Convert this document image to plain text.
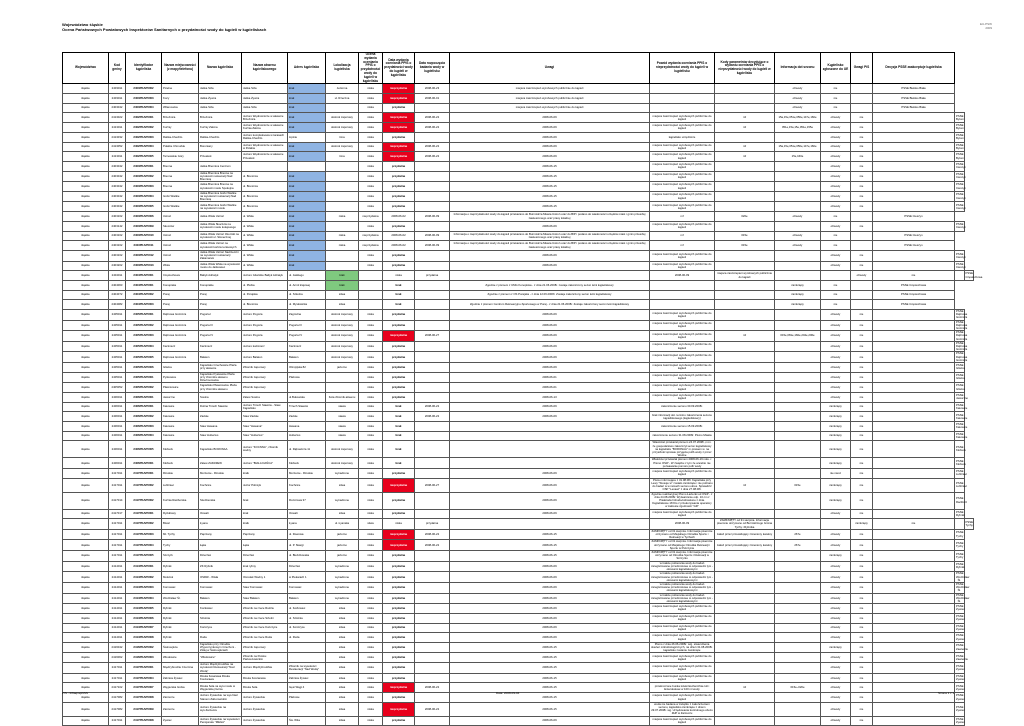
Województwo śląskie
Ocena Państwowych Powiatowych Inspektorów Sanitarnych o przydatności wody do kąpieli w kąpieliskach
EU-PSW
2009
Województwo	Kod gminy	Identyfikator kąpieliska	Nazwa miejscowości (z mapy/telefonu)	Nazwa kąpieliska	Nazwa akwenu kąpieliskowego	Adres kąpieliska	Lokalizacja kąpieliska	Ocena wydania oceniania PPIS o przydatności wody do kąpieli w kąpielisku	Data wydania oceniania PPIS o przydatności wody do kąpieli w kąpielisku	Data rozpoczęcia badania wody w kąpielisku	Uwagi	Powód wydania oceniania PPIS o nieprzydatności wody do kąpieli w kąpielisku	Kody parametrów decydujące o wydaniu oceniania PPIS o nieprzydatności wody do kąpieli w kąpielisku	Informacja dot sezonu	Kąpielisko zgłoszone do UE	Gwagi PiS	Decyzja PSSE zaakceptuje kąpieliska		
śląskie	2403011	2403PKAP0002	Pcielne	Jaśka Szła	Jaśka Szła	krak	Jeziorna	niska	nieprzydatna	2008-06-23	miejsca zaszczepień wyrobowych publicznie do kąpieli			obwody	nie		PSSE Bielsko Biała		
śląskie	2403011	2403PKAP0003	Kozy	Jaśka Żywca	Jaśka Żywca	krak	ul. Rzeczna	niska	nieprzydatna	2008-06-01	miejsca zaszczepień wyrobowych publicznie do kąpieli			obwody	nie		PSSE Bielsko Biała		
śląskie	2403042	2403PKAP0004	Wilamowice	Jaśka Szła	Jaśka Szła	krak		niska	przydatna		miejsca zaszczepień wyrobowych publicznie do kąpieli			obwody	nie		PSSE Bielsko Biała		
śląskie	2413022	2402PKAP0001	Brzeźnica	Brzeźnica	Jezioro Wędrownicze w akwenie Brzeźnica	krak	dostrok zaporowy	niska	nieprzydatna	2008-06-22	2008-06-09	miejsca zaszczepień wyrobowych publicznie do kąpieli	mf	15a,15e,051e,056e,147e,160e	obwody	nie		PSSE Bytom	
śląskie	2413011	2402PKAP0002	Kuźniy	Kuźniy Zalcna	Jezioro Wędrownicze w akwenie Kuźnia Zalcna	krak	dostrok zaporowy	niska	nieprzydatna	2008-06-22	2008-06-09	miejsca zaszczepień wyrobowych publicznie do kąpieli	mf	051e,15a,15e,051e,155e	obwody	nie		PSSE Bytom	
śląskie	2413032	2402PKAP0003	Rabka-Chechło	Rabka-Chechło	Jezioro kompleksowa w tarasach Rabka-Chechło	Lipinie	tima	niska	przydatna		2008-06-09	kąpielisko urzędnicze			obwody	nie		PSSE Bytom	
śląskie	2413052	2402PKAP0004	Połabie Chmurkle	Boroniany	Jezioro Wędrownicze w akwenie w Połabie	krak	dostrok zaporowy	niska	nieprzydatna	2008-06-22	2008-06-09	miejsca zaszczepień wyrobowych publicznie do kąpieli	mf	15a,15e,051e,056e,147e,160e	obwody	nie		PSSE Bytom	
śląskie	2413011	2402PKAP0005	Tarnowskie Góry	Przeskok	Jezioro Wędrownicze w akwenie Przeskok	krak	tima	niska	nieprzydatna	2008-06-22	2008-06-09	miejsca zaszczepień wyrobowych publicznie do kąpieli	mf	15e,160e	obwody	nie		PSSE Bytom	
śląskie	2403042	2403PKAP0001	Brenna	Jaśka Brennica Centrum				niska	przydatna		2008-06-15	miejsca zaszczepień wyrobowych publicznie do kąpieli			obwody	nie		PSSE Cieszyn	
śląskie	2403042	2403PKAP0002	Brenna	Jaśka Brennica Brenna na wysokości restauracji Nad Brennicą	ul. Brennica	krak		niska	przydatna		2008-06-15	miejsca zaszczepień wyrobowych publicznie do kąpieli			obwody	nie		PSSE Cieszyn	
śląskie	2403042	2403PKAP0003	Brenna	Jaśka Brennica Brenna na wysokości mostu Spokojna	ul. Brennica	krak		niska	przydatna		2008-06-15	miejsca zaszczepień wyrobowych publicznie do kąpieli			obwody	nie		PSSE Cieszyn	
śląskie	2403042	2403PKAP0004	Górki Wielkie	Jaśka Brennica Górki Wielkie na wysokości restauracji Nad Brennicą	ul. Brennica	krak		niska	przydatna		2008-06-15	miejsca zaszczepień wyrobowych publicznie do kąpieli			obwody	nie		PSSE Cieszyn	
śląskie	2403042	2403PKAP0005	Górki Wielkie	Jaśka Brennica Górki Wielkie na wysokości mostu	ul. Brennica	krak		niska	przydatna		2008-06-15	miejsca zaszczepień wyrobowych publicznie do kąpieli			obwody	nie		PSSE Cieszyn	
śląskie	2403162	2403PKAP0006	Ustroń	Jaśka Wisła Ustroń	ul. Wisła	krak	niska	nieprzydatna	2008-06-02	2008-06-09	Informacja o nieprzydatności wody do kąpieli przekazano do Burmistrza Miasta Ustroń oraz do BIP i podano do wiadomości urzędów miast i gmin przeszłej zawieszonego oraz prasy lokalnej	mf	020e	obwody	nie		PSSE Cieszyn		
śląskie	2403142	2403PKAP0009	Skoczów	Jaśka Wisła Skoczów na wysokości mostu kolejowego	ul. Wisła	krak		niska	przydatna		2008-06-09	miejsca zaszczepień wyrobowych publicznie do kąpieli			obwody	nie		PSSE Cieszyn	
śląskie	2403162	2403PKAP0010	Ustroń	Jaśka Wisła Ustroń zbiorniki na wysokości ul. Słonecznej	ul. Wisła	krak	niska	nieprzydatna	2008-06-02	2008-06-09	Informacja o nieprzydatności wody do kąpieli przekazano do Burmistrza Miasta Ustroń oraz do BIP i podano do wiadomości urzędów miast i gmin przeszłej zawieszonego oraz prasy lokalnej	mf	015e	obwody	nie		PSSE Cieszyn		
śląskie	2403162	2403PKAP0011	Ustroń	Jaśka Wisła Ustroń na wysokości kortów tenisowych	ul. Wisła	krak	niska	nieprzydatna	2008-06-02	2008-06-09	Informacja o nieprzydatności wody do kąpieli przekazano do Burmistrza Miasta Ustroń oraz do BIP i podano do wiadomości urzędów miast i gmin przeszłej zawieszonego oraz prasy lokalnej	mf	015e	obwody	nie		PSSE Cieszyn		
śląskie	2403162	2403PKAP0012	Ustroń	Jaśka Wisła Ustroń Nadrzeczni na wysokości restauracji Zakamarek	ul. Wisła	krak		niska	przydatna		2008-06-09	miejsca zaszczepień wyrobowych publicznie do kąpieli			obwody	nie		PSSE Cieszyn	
śląskie	2403202	2403PKAP0013	Wisła	Jaśka Wisła Wisła na wysokości mostu do Jaśkowiec	ul. Wisła	krak		niska	przydatna		2008-06-09	miejsca zaszczepień wyrobowych publicznie do kąpieli			obwody	nie		PSSE Cieszyn	
śląskie	2404011	2404PKAP0001	Częstochowa	Bałtyk Adriatyk	Jezioro Gliwickie Bałtyk Adriatyk	ul. Jaśkiego	krak		niska	przydatna		2008-06-09	miejsca zaszczepień wyrobowych publicznie do kąpieli			obwody	nie		PSSE Częstochowa
śląskie	2404063	2404PKAP0001	Konopiska	Konopiskie	ul. Plebia	ul. Armii krajowej	krak		brak		Zgodnie z pismem z UMG Konopiska - z dnia 21.06.2008r. zostaje zakończony sezon letni kąpieliskowy			zamknięty	nie		PSSE Częstochowa		
śląskie	2404072	2404PKAP0002	Poraj	Poraj	ul. Porajska	ul. Szkolna	sitwa		brak		Zgodnie z pismem z OS Porajska - z dnia 12.06.2008r. Zostaje zakończony sezon letni kąpieliskowy			zamknięty	nie		PSSE Częstochowa		
śląskie	2404082	2404PKAP0003	Poraj	Poraj	ul. Brennica	ul. Mysłowicka	sitwa		brak		Zgodnie z pismem Centrum Rekreacyjno-Sportowego w Poraj - z dnia 21.06.2008r. Zostaje zakończony sezon letni kąpieliskowy			zamknięty	nie		PSSE Częstochowa		
śląskie	2405011	2405PKAP0001	Dąbrowa Górnicza	Pogoria I	Jezioro Pogoria	Zagrodna	dostrok zaporowy	niska	przydatna		2008-06-09	miejsca zaszczepień wyrobowych publicznie do kąpieli			obwody	nie		PSSE Dąbrowa Górnicza	
śląskie	2405011	2405PKAP0002	Dąbrowa Górnicza	Pogoria III	Jezioro Pogoria	Pogoria III	dostrok zaporowy	niska	przydatna		2008-06-09	miejsca zaszczepień wyrobowych publicznie do kąpieli			obwody	nie		PSSE Dąbrowa Górnicza	
śląskie	2405011	2405PKAP0003	Dąbrowa Górnicza	Pogoria IV	Jezioro Pogoria	Pogoria IV	dostrok zaporowy	niska	nieprzydatna	2008-06-27	2008-06-09	miejsca zaszczepień wyrobowych publicznie do kąpieli	mf	015e,081e,182e,204e,206e	obwody	nie		PSSE Dąbrowa Górnicza	
śląskie	2405011	2405PKAP0004	Kazimierz	Kazimierz	Jezioro kazimierz	Kazimierz	dostrok zaporowy	niska	przydatna		2008-06-09	miejsca zaszczepień wyrobowych publicznie do kąpieli			obwody	nie		PSSE Dąbrowa Górnicza	
śląskie	2405011	2405PKAP0005	Dąbrowa Górnicza	Balaton	Jezioro Balaton	Balaton	dostrok zaporowy	niska	przydatna		2008-06-09	miejsca zaszczepień wyrobowych publicznie do kąpieli			obwody	nie		PSSE Dąbrowa Górnicza	
śląskie	2405011	2405PKAP0006	Gliwice	Kąpielisko Czechowice Plaża przy akwenie	Zbiornik zaporowy	Olimpijska 82	jaziorno	niska	przydatna		2008-06-09	miejsca zaszczepień wyrobowych publicznie do kąpieli			obwody	nie		PSSE Gliwice	
śląskie	2405011	2405PKAP0001	Pyskowice	Kąpielisko Pyskowice Plaża przy zbiorniku akwenu Dziećmorowice	Zbiornik zaporowy	Plażowa		niska	przydatna		2008-06-01	miejsca zaszczepień wyrobowych publicznie do kąpieli			obwody	nie		PSSE Gliwice	
śląskie	2405052	2405PKAP0002	Pławniowice	Kąpielisko Pławniowice Plaża przy zbiorniku akwenu	Zbiornik zaporowy			niska	przydatna		2008-06-01	miejsca zaszczepień wyrobowych publicznie do kąpieli			obwody	nie		PSSE Gliwice	
śląskie	2406011	2406PKAP0001	Jaworzno	Sosina	Zalew Sosina	ul.Bukowska	Kota zbiornik akwenu	niska	przydatna		2008-06-13	miejsca zaszczepień wyrobowych publicznie do kąpieli			obwody	nie		PSSE Jaworzno	
śląskie	2406011	2406PKAP0001	Katowice	Dolina Trzech Stawów	Jezioro Trzech Stawów - Staw Kąpielisko	Trzech Stawów	stawa	niska	brak	2008-06-22	2008-06-09	zakończenie sezonu 30.09.2008r.			zamknięty	nie		PSSE Katowice	
śląskie	2406011	2406PKAP0002	Katowice	Zadole	Staw Zadole	Zadole	stawa	niska	brak	2008-06-22	2008-06-09	brak informacji dot. terminu zakończenia sezonu kąpieliskowego (kąpieliskowy)			zamknięty	nie		PSSE Katowice	
śląskie	2406011	2406PKAP0003	Katowice	Staw Hawana	Staw "Hawana"	Hawana	stawa	niska	brak			zakończenie sezonu 15.09.2008r.			zamknięty	nie		PSSE Katowice	
śląskie	2406011	2406PKAP0004	Katowice	Staw Hubertus	Staw "Hubertus"	Hubertus	stawa	niska	brak			zakończenie sezonu 31.08.2008r. Pismo Miasta			zamknięty	nie		PSSE Katowice	
śląskie	2406011	2406PKAP0005	Kłobuck	Kąpielisko BORONAA	Jezioro "KOCNNA", zbiornik wodny	ul. Rąbowicza 11	dostrok zaporowy	niska	brak			Właściciel przekazał pismem 24.07.2008r.,m.in. że gospodarstwo zakończył sezon kąpieliskowy na kąpielisku "BORONAA" m.prawem w. na przyszłość sprawie przyjęcia pollb wody z przez Wodne			zamknięty	nie		PSSE Kłobuck	
śląskie	2406011	2406PKAP0001	Kłobuck	Zalew ZAKRZEW	Jezioro "BIAŁA DAŃCA"	Kłobuck	dostrok zaporowy	niska	brak			Właściciel przekazał pismem 2008-06-16 roku. r. Pismo OSiP - W związku z tym że ancebio nie porwawanie pomoru polb wody			zamknięty	nie		PSSE Kłobuck	
śląskie	2417011	2417PKAP0001	Rzuskie	Morzenie - Rzuskie	kraik	Morzenie - Rzuskie	wynadzone	niska	przydatna		2008-06-09	miejsca zaszczepień wyrobowych publicznie do kąpieli			nie niesz	nie		PSSE Lubliniec	
śląskie	2417011	2417PKAP0002	Lubliniec	Kochcice	Jezior Półmiyk	Kochcice	sitwa	niska	nieprzydatna	2008-06-27	2008-06-09	Pismo informujące z 31.08.08r. Kąpieliska przy Lewy "Stosuje w" zostało zamknięte i nie pobrano do badań w w ramach sezonu okres. Sprawdzić OSP "Lenawi" z dnia 27.08.08r.	mf	015e	zamknięty	nie		PSSE Lubliniec	
śląskie	2417014	2417PKAP0002	Kuźnia Raciborska	Studzienska	brak	Rozczowa 37	wynadzone	niska	przydatna		2008-06-09	Zgodnie realizacyjnej Pismo Łazienki od OSiP - z dnia 24.08.2008r. Wytwarzanie odp. 10 cm z Pisaktoda Imbudo/osbowione z dnia. Kąpieliskowe 18 Kto z przekonywania operatory w zakresie zgodności "GR"			zamknięty	nie		PSSE Racibórz	
śląskie	2417017	2417PKAP0001	Rydułtowy	Oswalt	krak	Oswalt	sitwa	niska	przydatna		2008-06-09	miejsca zaszczepień wyrobowych publicznie do kąpieli			obwody	nie		PSSE Rybnik	
śląskie	2417011	2417PKAP0002	Bisoń	Łyana	kraik	Łyana	ul. Łyanska	sitwa	niska	przydatna		2008-06-09	ZAMKNIĘTY od 31 sierpnia. Informacja pisemnie otrzymano od Burmistrzego Gmina Tychy i Rybnika			zamknięty	nie		PSSE Tychy
śląskie	2417011	2417PKAP0003	Mt. Tychy	Paprzany	Paprzany	ul. Rowowa	jaziorno	niska	nieprzydatna	2008-06-22	2008-06-15	ZAMKNIĘTY od 31 sierpnia. Informacja pisemnie otrzymano od Miejskiego Ośrodka Sportu i Rekreacji w Tychach	zakaż przez przewidujący zmieniony kwaśny	267e	obwody	nie		PSSE Tychy	
śląskie	2417011	2417PKAP0004	Tychy	Łąka	Łąka	ul. P. Skargi	jaziorno	niska	nieprzydatna	2008-06-22	2008-06-15	ZAMKNIĘTY od 31 sierpnia. Informacja pisemnie otrzymano od Miejskiego Ośrodka Rekreacji i Sportu w Pszczynie	zakaż przez przewidujący zmieniony kwaśny	267e	obwody	nie		PSSE Tychy	
śląskie	2417011	2417PKAP0005	Szczyrk	Dzierżaś	Dzierżaś	ul. Bieżdzowska	jaziorno	niska	przydatna		2008-06-15	ZAMKNIĘTY od 31 sierpnia. Informacja pisemnie otrzymano od Ośrodka Sportu i Rekreacji w Szczyrku			zamknięty	nie		PSSE Tychy	
śląskie	2414011	2414PKAP0001	Rybnik	ZK Rybnik	krak rybny	Dzierżaś	wynadzone	niska	przydatna		2008-06-09	w trakcie pobierania wody do badań zaregistrowane przedmiotowe w odpowiedni tym - okresami kąpieliskowymi			obwody	nie		PSSE Rybnik	
śląskie	2414011	2414PKAP0002	Mościsk	OSRiR - Wisła	Ośrodek Wodny 1	w Piekarach 1	wynadzone	niska	przydatna		2008-06-09	w trakcie pobierania wody do badań zaregistrowane przedmiotowe w odpowiedni tym - okresami kąpieliskowymi			obwody	nie		PSSE Wodzisław Śl.	
śląskie	2414011	2414PKAP0003	Kornowac	Kornowac	Staw Kornowac	Kornowac	wynadzone	niska	przydatna		2008-06-09	w trakcie pobierania wody do badań zaregistrowane przedmiotowe w odpowiedni tym - okresami kąpieliskowymi			obwody	nie		PSSE Wodzisław Śl.	
śląskie	2414011	2414PKAP0004	Wodzisław Śl.	Balaton	Staw Balaton	Balaton	wynadzone	niska	przydatna		2008-06-09	w trakcie pobierania wody do badań zaregistrowane przedmiotowe w odpowiedni tym - okresami kąpieliskowymi			obwody	nie		PSSE Wodzisław Śl.	
śląskie	2414011	2414PKAP0005	Rybnik	Kozłowiec	Zbiornik na rzece Rudzie	ul. Kozłowiec	sitwa	niska	przydatna		2008-06-09	miejsca zaszczepień wyrobowych publicznie do kąpieli			obwody	nie		PSSE Żywiec	
śląskie	2414011	2414PKAP0006	Rybnik	Sztolnia	Zbiornik na rzece Sztolni	ul. Sztolnia	sitwa	niska	przydatna		2008-06-09	miejsca zaszczepień wyrobowych publicznie do kąpieli			obwody	nie		PSSE Żywiec	
śląskie	2414011	2414PKAP0007	Rybnik	Kończyce	Zbiornik na rzece Kończyce	ul. Kończyce	sitwa	niska	przydatna		2008-06-09	miejsca zaszczepień wyrobowych publicznie do kąpieli			obwody	nie		PSSE Żywiec	
śląskie	2414011	2414PKAP0008	Rybnik	Ruda	Zbiornik na rzece Ruda	ul. Ruda	sitwa	niska	przydatna		2008-06-09	miejsca zaszczepień wyrobowych publicznie do kąpieli			obwody	nie		PSSE Żywiec	
śląskie	2416042	2416PKAP0002	Świnoujście	Kąpielisko przy Ośrodku Wypoczynkowym Czechoni - Ziślej w Świnoujściach	Zbiornik zaporowy		sitwa	niska	przydatna		2008-06-15	Pismo z dnia 26.06.2008r. w/g. stwierdzenia skażeń mikrobiologicznych, na dzień 31.08.2008r. kąpielisko zostanie zamknięte			zamknięty	nie		PSSE Zawiercie	
śląskie	2416062	2416PKAP0003	Włodowice	"Włodowice"	Zbiornik na Potoku Parkoszowickim		sitwa	niska	przydatna		2008-06-15	miejsca zaszczepień wyrobowych publicznie do kąpieli			obwody	nie		PSSE Zawiercie	
śląskie	2417011	2417PKAP0001	Międzybrodzie Czernina	Jezioro Międzybrodzkie na wysokości Restauracji "Nad Wodą"	Jezioro Międzybrodzkie	Zbiornik na wysokości Restauracji "Nad Wodą"	sitwa	niska	przydatna		2008-06-15	miejsca zaszczepień wyrobowych publicznie do kąpieli			obwody	nie		PSSE Żywiec	
śląskie	2417011	2417PKAP0004	Żabnica Żywiec	Rzeka Kosarawa Rzeka Koszarawa	Rzeka Koszarawa	Żabnica Żywiec	sitwa	niska	przydatna		2008-06-15	miejsca zaszczepień wyrobowych publicznie do kąpieli			obwody	nie		PSSE Żywiec	
śląskie	2417102	2417PKAP0007	Węgierska Górka	Rzeka Soła na wys.mostu w Węgierskiej Górce	Rzeka Soła	Gęsi Wągi 4	sitwa	niska	nieprzydatna	2008-06-22	2008-06-15	przekroczone bunka ścieki Escherichia coli i Enterokokow w 100 ml wody	mf	015e~020e	obwody	nie		PSSE Żywiec	
śląskie	2417082	2417PKAP0008	Zarzecze	Jezioro Żywieckie na wys.Nad Stanem Zaborowskim	Jezioro Żywieckie	Płażowe	sitwa	niska	przydatna		2008-06-15	miejsca zaszczepień wyrobowych publicznie do kąpieli			obwody	nie		PSSE Żywiec	
śląskie	2417082	2417PKAP0009	Zarzecze	Jezioro Żywieckie na wys.Zarzecze	Jezioro Żywieckie		sitwa	niska	nieprzydatna	2008-06-22	2008-06-15	woda nie badana w związku z zakończeniem sezonu, kąpielisko zamknięte z dniem 29.07.2008r. wg. Urzędowania kontrolnego obozu ZHP w Zarzeczu			obwody	nie		PSSE Żywiec	
śląskie	2417011	2417PKAP0008	Żywiec	Jezioro Żywieckie na wysokości Pensjonatu "MEGA"	Jezioro Żywieckie	Św. Wita	sitwa	niska	przydatna		2008-06-09	miejsca zaszczepień wyrobowych publicznie do kąpieli			obwody	nie		PSSE Żywiec	
PIS - 2WaqraphiSS	Data: 2008-09-04	Strona 1 z 1
